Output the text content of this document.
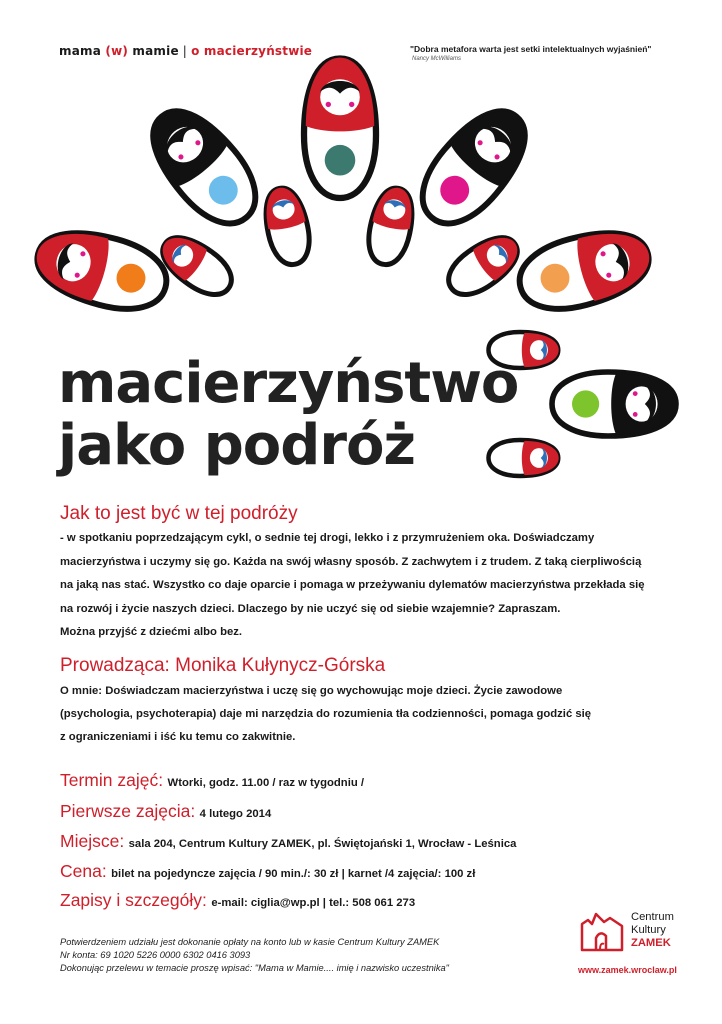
mama (w) mamie | o macierzyństwie	"Dobra metafora warta jest setki intelektualnych wyjaśnień"
Nancy McWilliams
macierzyństwo
jako podróż
Jak to jest być w tej podróży
- w spotkaniu poprzedzającym cykl, o sednie tej drogi, lekko i z przymrużeniem oka. Doświadczamy
macierzyństwa i uczymy się go. Każda na swój własny sposób. Z zachwytem i z trudem. Z taką cierpliwością
na jaką nas stać. Wszystko co daje oparcie i pomaga w przeżywaniu dylematów macierzyństwa przekłada się
na rozwój i życie naszych dzieci. Dlaczego by nie uczyć się od siebie wzajemnie? Zapraszam.
Można przyjść z dziećmi albo bez.
Prowadząca: Monika Kułynycz-Górska
O mnie: Doświadczam macierzyństwa i uczę się go wychowując moje dzieci. Życie zawodowe
(psychologia, psychoterapia) daje mi narzędzia do rozumienia tła codzienności, pomaga godzić się
z ograniczeniami i iść ku temu co zakwitnie.
Termin zajęć: Wtorki, godz. 11.00 / raz w tygodniu /
Pierwsze zajęcia: 4 lutego 2014
Miejsce: sala 204, Centrum Kultury ZAMEK, pl. Świętojański 1, Wrocław - Leśnica
Cena: bilet na pojedyncze zajęcia / 90 min./: 30 zł | karnet /4 zajęcia/: 100 zł
Zapisy i szczegóły: e-mail: ciglia@wp.pl | tel.: 508 061 273
Potwierdzeniem udziału jest dokonanie opłaty na konto lub w kasie Centrum Kultury ZAMEK
Nr konta: 69 1020 5226 0000 6302 0416 3093
Dokonując przelewu w temacie proszę wpisać: "Mama w Mamie.... imię i nazwisko uczestnika"
Centrum
Kultury
ZAMEK
www.zamek.wroclaw.pl
